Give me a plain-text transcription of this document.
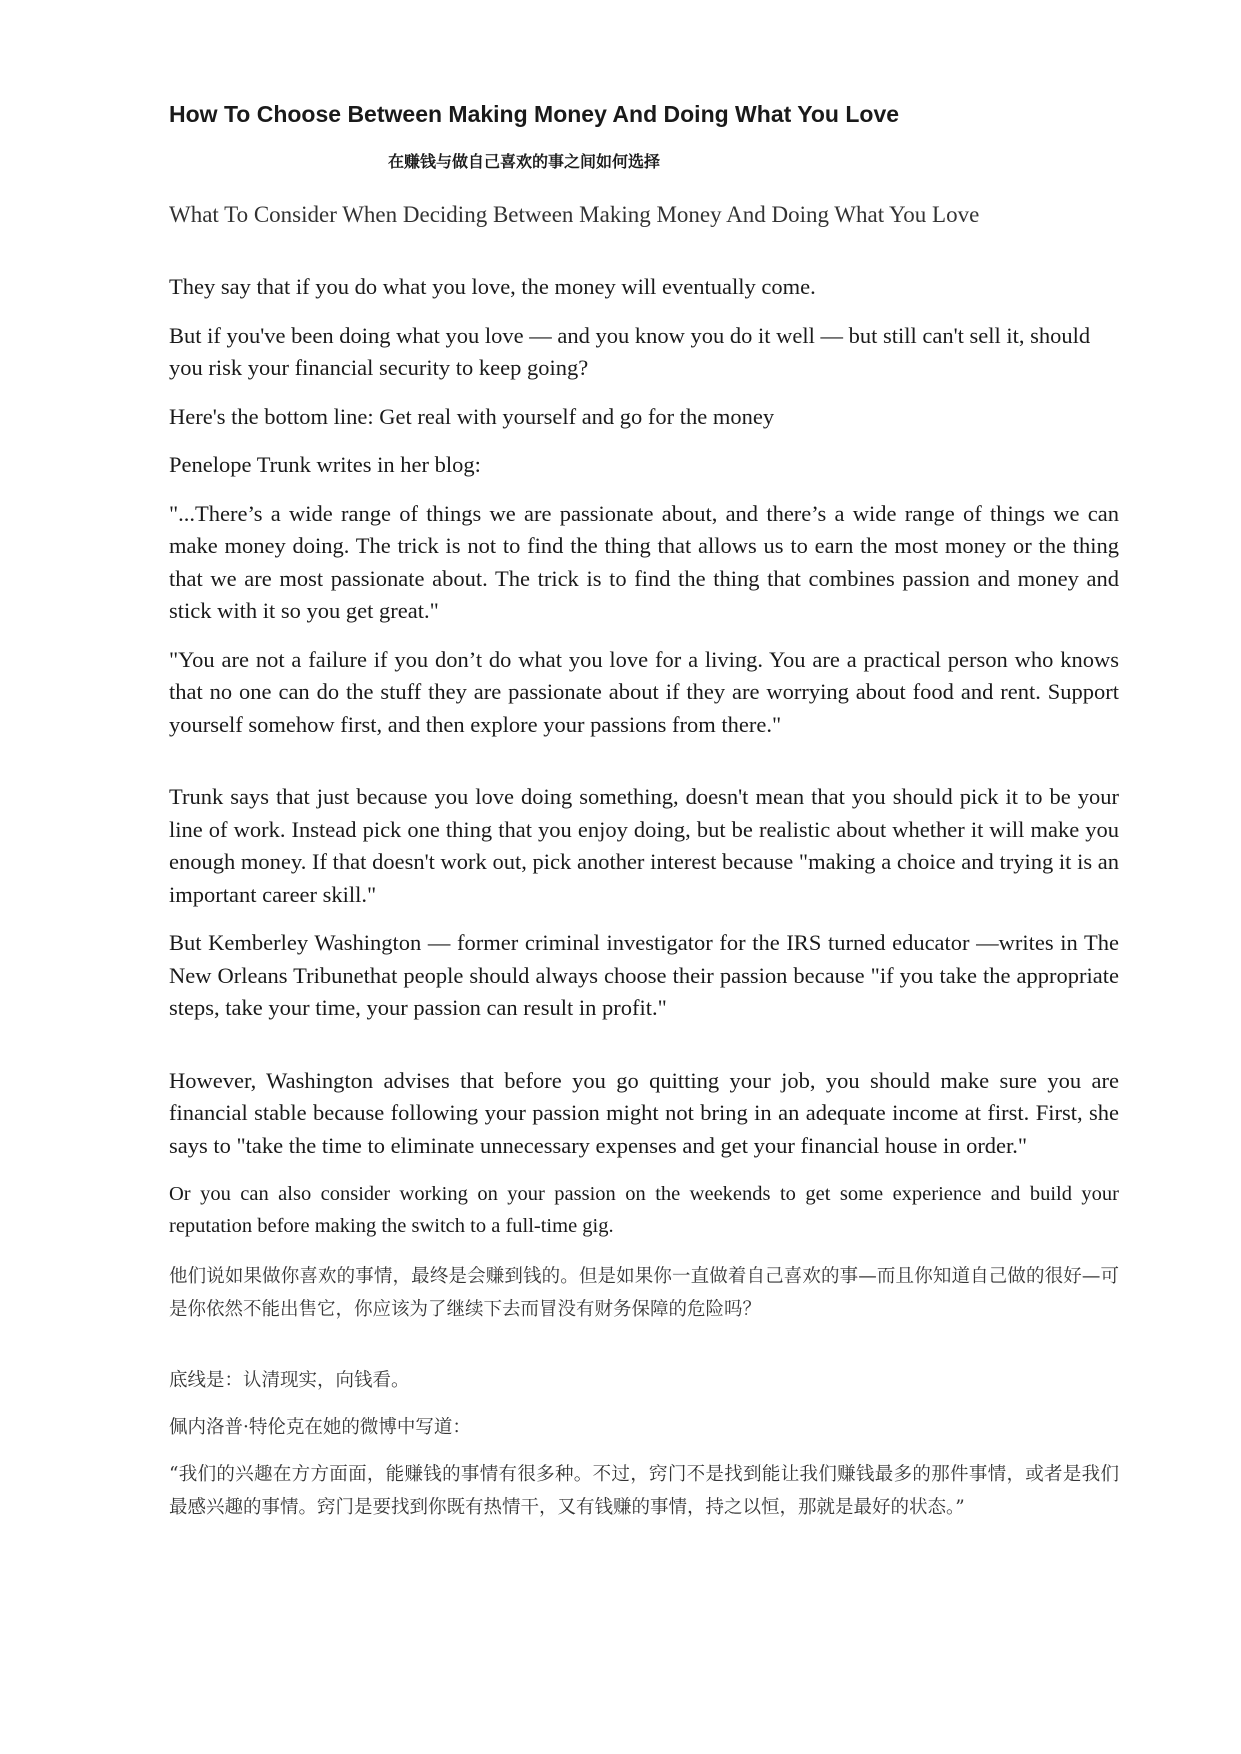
How To Choose Between Making Money And Doing What You Love
在赚钱与做自己喜欢的事之间如何选择
What To Consider When Deciding Between Making Money And Doing What You Love

They say that if you do what you love, the money will eventually come.

But if you've been doing what you love — and you know you do it well — but still can't sell it, should you risk your financial security to keep going?

Here's the bottom line: Get real with yourself and go for the money

Penelope Trunk writes in her blog:

"...There’s a wide range of things we are passionate about, and there’s a wide range of things we can make money doing. The trick is not to find the thing that allows us to earn the most money or the thing that we are most passionate about. The trick is to find the thing that combines passion and money and stick with it so you get great."

"You are not a failure if you don’t do what you love for a living. You are a practical person who knows that no one can do the stuff they are passionate about if they are worrying about food and rent. Support yourself somehow first, and then explore your passions from there."

Trunk says that just because you love doing something, doesn't mean that you should pick it to be your line of work. Instead pick one thing that you enjoy doing, but be realistic about whether it will make you enough money. If that doesn't work out, pick another interest because "making a choice and trying it is an important career skill."

But Kemberley Washington — former criminal investigator for the IRS turned educator —writes in The New Orleans Tribunethat people should always choose their passion because "if you take the appropriate steps, take your time, your passion can result in profit."

However, Washington advises that before you go quitting your job, you should make sure you are financial stable because following your passion might not bring in an adequate income at first. First, she says to "take the time to eliminate unnecessary expenses and get your financial house in order."

Or you can also consider working on your passion on the weekends to get some experience and build your reputation before making the switch to a full-time gig.

他们说如果做你喜欢的事情，最终是会赚到钱的。但是如果你一直做着自己喜欢的事—而且你知道自己做的很好—可是你依然不能出售它，你应该为了继续下去而冒没有财务保障的危险吗？

底线是：认清现实，向钱看。

佩内洛普·特伦克在她的微博中写道：

“我们的兴趣在方方面面，能赚钱的事情有很多种。不过，窍门不是找到能让我们赚钱最多的那件事情，或者是我们最感兴趣的事情。窍门是要找到你既有热情干，又有钱赚的事情，持之以恒，那就是最好的状态。”
